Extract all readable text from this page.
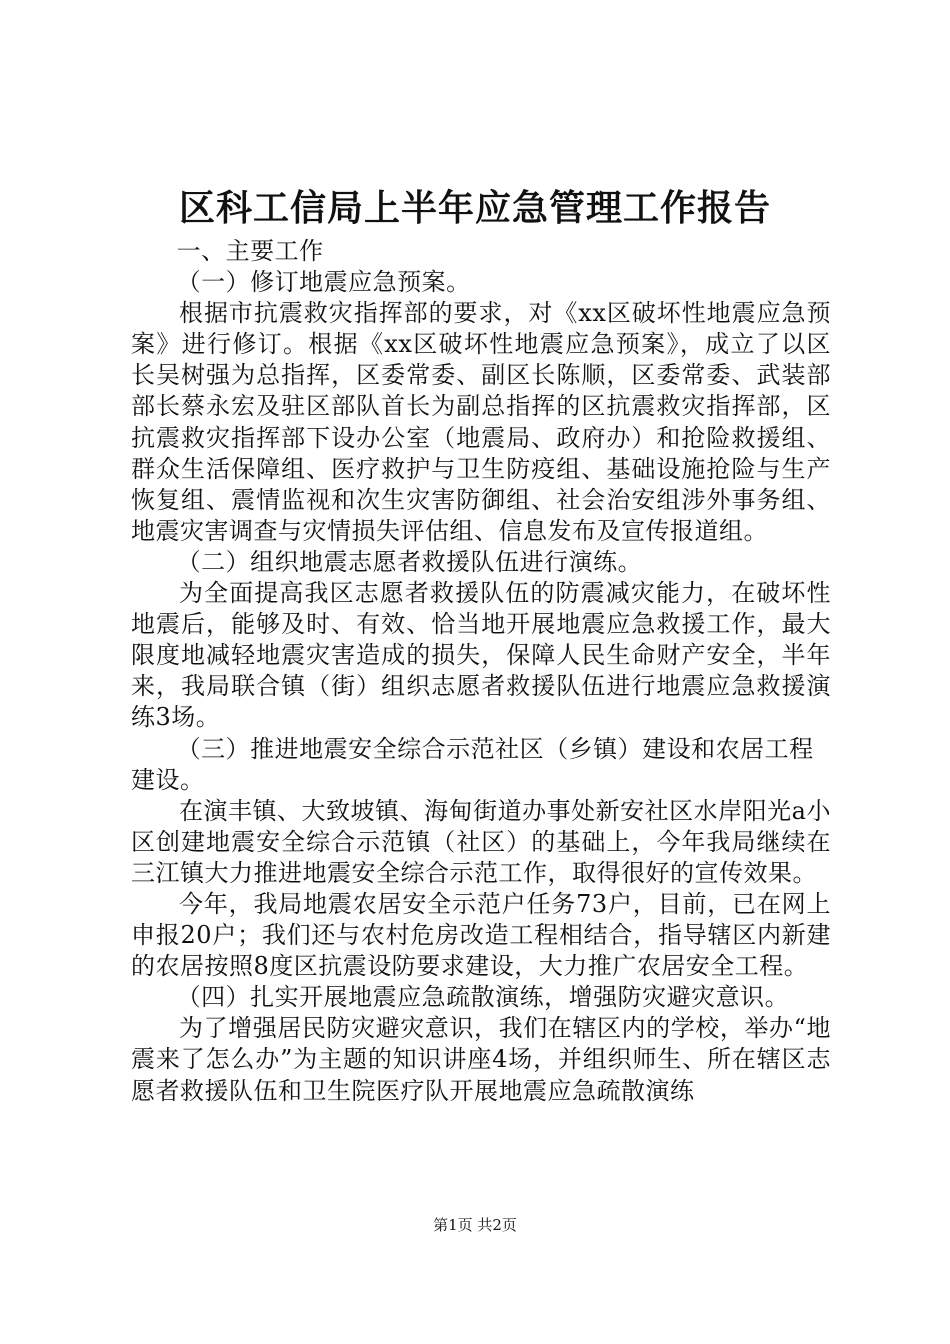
区科工信局上半年应急管理工作报告

一、主要工作

（一）修订地震应急预案。

根据市抗震救灾指挥部的要求，对《xx区破坏性地震应急预案》进行修订。根据《xx区破坏性地震应急预案》，成立了以区长吴树强为总指挥，区委常委、副区长陈顺，区委常委、武装部部长蔡永宏及驻区部队首长为副总指挥的区抗震救灾指挥部，区抗震救灾指挥部下设办公室（地震局、政府办）和抢险救援组、群众生活保障组、医疗救护与卫生防疫组、基础设施抢险与生产恢复组、震情监视和次生灾害防御组、社会治安组涉外事务组、地震灾害调查与灾情损失评估组、信息发布及宣传报道组。

（二）组织地震志愿者救援队伍进行演练。

为全面提高我区志愿者救援队伍的防震减灾能力，在破坏性地震后，能够及时、有效、恰当地开展地震应急救援工作，最大限度地减轻地震灾害造成的损失，保障人民生命财产安全，半年来，我局联合镇（街）组织志愿者救援队伍进行地震应急救援演练3场。

（三）推进地震安全综合示范社区（乡镇）建设和农居工程建设。

在演丰镇、大致坡镇、海甸街道办事处新安社区水岸阳光a小区创建地震安全综合示范镇（社区）的基础上，今年我局继续在三江镇大力推进地震安全综合示范工作，取得很好的宣传效果。

今年，我局地震农居安全示范户任务73户，目前，已在网上申报20户；我们还与农村危房改造工程相结合，指导辖区内新建的农居按照8度区抗震设防要求建设，大力推广农居安全工程。

（四）扎实开展地震应急疏散演练，增强防灾避灾意识。

为了增强居民防灾避灾意识，我们在辖区内的学校，举办“地震来了怎么办”为主题的知识讲座4场，并组织师生、所在辖区志愿者救援队伍和卫生院医疗队开展地震应急疏散演练

第1页 共2页
